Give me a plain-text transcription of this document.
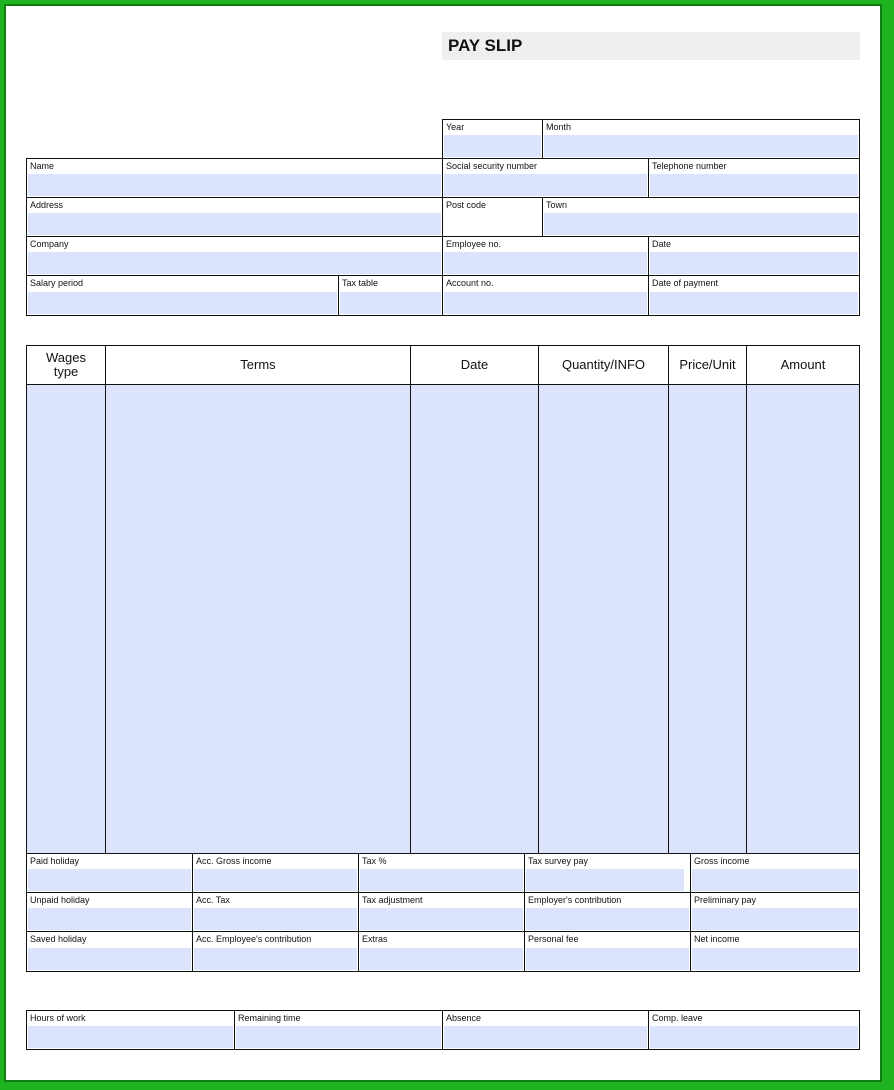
PAY SLIP
Year	Month
Name	Social security number	Telephone number
Address	Post code	Town
Company	Employee no.	Date
Salary period	Tax table	Account no.	Date of payment
Wages type	Terms	Date	Quantity/INFO	Price/Unit	Amount
Paid holiday	Acc. Gross income	Tax %	Tax survey pay	Gross income
Unpaid holiday	Acc. Tax	Tax adjustment	Employer's contribution	Preliminary pay
Saved holiday	Acc. Employee's contribution	Extras	Personal fee	Net income
Hours of work	Remaining time	Absence	Comp. leave
